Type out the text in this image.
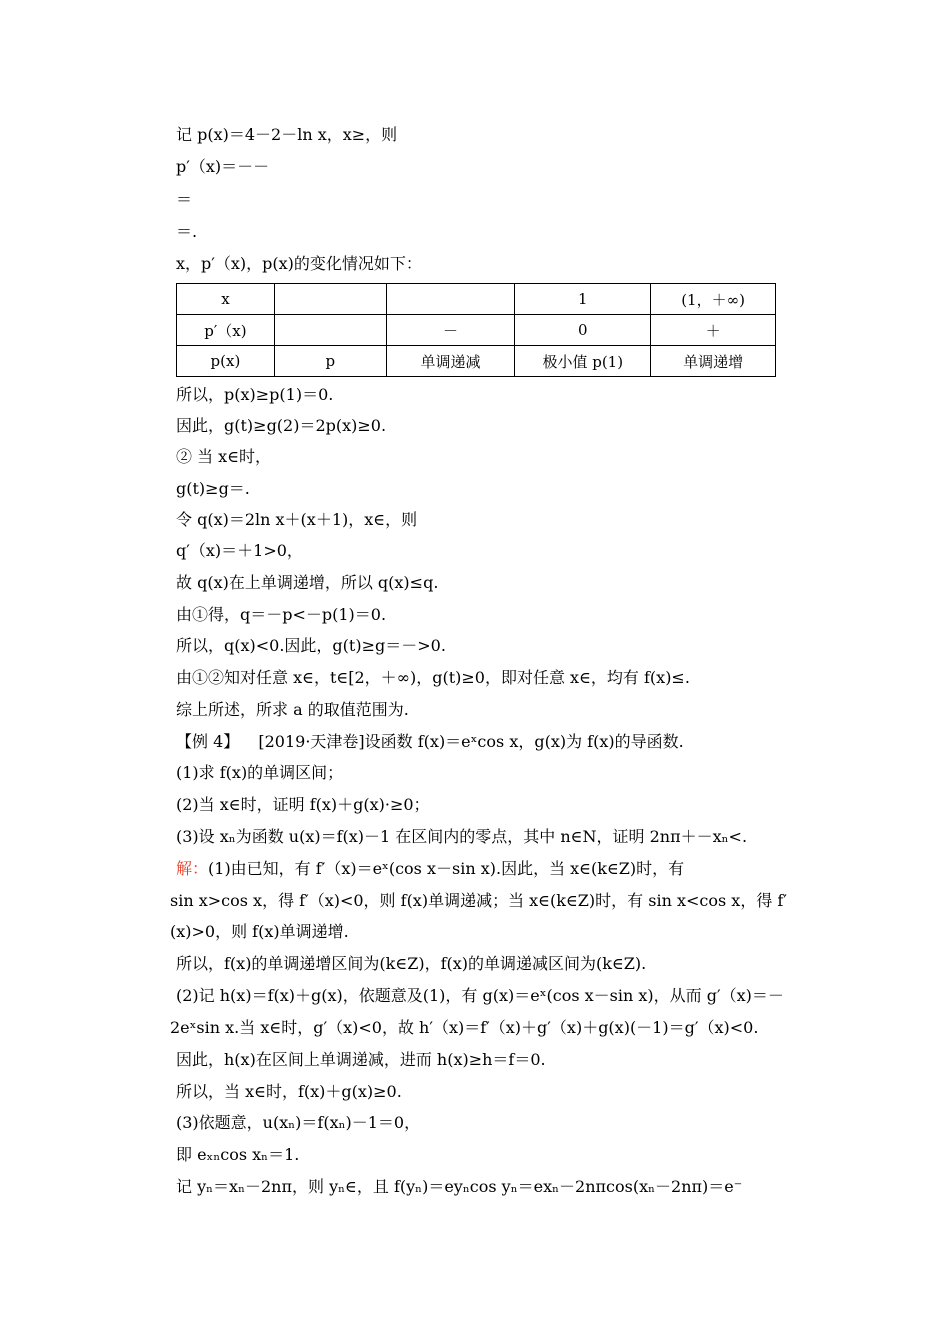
记 p(x)＝4－2－ln x，x≥，则
p′（x)＝－－
＝
＝.
x，p′（x)，p(x)的变化情况如下：
x			1	(1，＋∞)
p′（x)		－	0	＋
p(x)	p	单调递减	极小值 p(1)	单调递增
所以，p(x)≥p(1)＝0.
因此，g(t)≥g(2)＝2p(x)≥0.
② 当 x∈时，
g(t)≥g＝.
令 q(x)＝2ln x＋(x＋1)，x∈，则
q′（x)＝＋1>0，
故 q(x)在上单调递增，所以 q(x)≤q.
由①得，q＝－p<－p(1)＝0.
所以，q(x)<0.因此，g(t)≥g＝－>0.
由①②知对任意 x∈，t∈[2，＋∞)，g(t)≥0，即对任意 x∈，均有 f(x)≤.
综上所述，所求 a 的取值范围为.
【例 4】 [2019·天津卷]设函数 f(x)＝eˣcos x，g(x)为 f(x)的导函数.
(1)求 f(x)的单调区间；
(2)当 x∈时，证明 f(x)＋g(x)·≥0；
(3)设 xₙ为函数 u(x)＝f(x)－1 在区间内的零点，其中 n∈N，证明 2nπ＋－xₙ<.
解：(1)由已知，有 f′（x)＝eˣ(cos x－sin x).因此，当 x∈(k∈Z)时，有
sin x>cos x，得 f′（x)<0，则 f(x)单调递减；当 x∈(k∈Z)时，有 sin x<cos x，得 f′
(x)>0，则 f(x)单调递增.
所以，f(x)的单调递增区间为(k∈Z)，f(x)的单调递减区间为(k∈Z).
(2)记 h(x)＝f(x)＋g(x)，依题意及(1)，有 g(x)＝eˣ(cos x－sin x)，从而 g′（x)＝－
2eˣsin x.当 x∈时，g′（x)<0，故 h′（x)＝f′（x)＋g′（x)＋g(x)(－1)＝g′（x)<0.
因此，h(x)在区间上单调递减，进而 h(x)≥h＝f＝0.
所以，当 x∈时，f(x)＋g(x)≥0.
(3)依题意，u(xₙ)＝f(xₙ)－1＝0，
即 eₓₙcos xₙ＝1.
记 yₙ＝xₙ－2nπ，则 yₙ∈，且 f(yₙ)＝eyₙcos yₙ＝exₙ－2nπcos(xₙ－2nπ)＝e⁻
